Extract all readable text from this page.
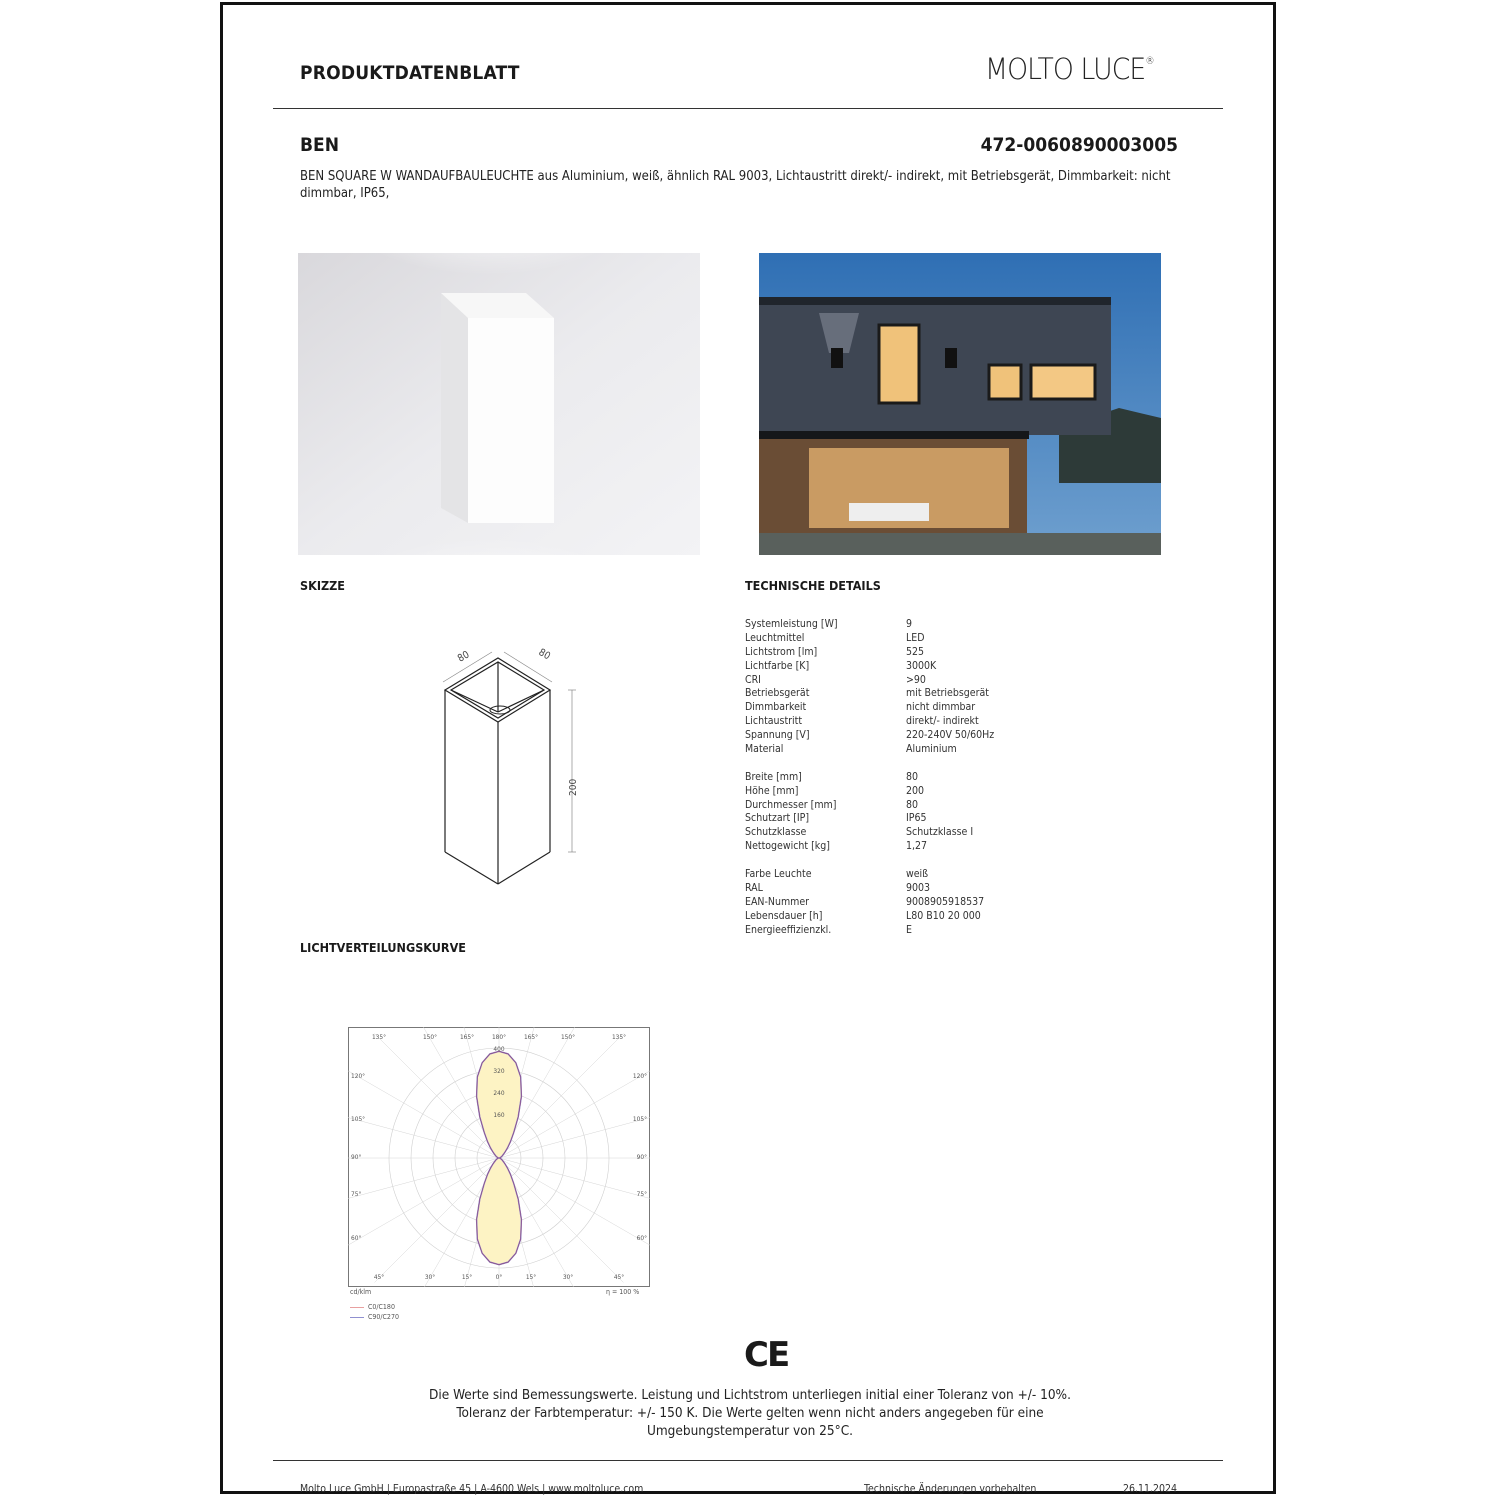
PRODUKTDATENBLATT	MOLTO LUCE®
BEN	472-0060890003005
BEN SQUARE W WANDAUFBAULEUCHTE aus Aluminium, weiß, ähnlich RAL 9003, Lichtaustritt direkt/- indirekt, mit Betriebsgerät, Dimmbarkeit: nicht dimmbar, IP65,
SKIZZE	TECHNISCHE DETAILS
LICHTVERTEILUNGSKURVE
80	80
200
Systemleistung [W]	9
Leuchtmittel	LED
Lichtstrom [lm]	525
Lichtfarbe [K]	3000K
CRI	>90
Betriebsgerät	mit Betriebsgerät
Dimmbarkeit	nicht dimmbar
Lichtaustritt	direkt/- indirekt
Spannung [V]	220-240V 50/60Hz
Material	Aluminium
Breite [mm]	80
Höhe [mm]	200
Durchmesser [mm]	80
Schutzart [IP]	IP65
Schutzklasse	Schutzklasse I
Nettogewicht [kg]	1,27
Farbe Leuchte	weiß
RAL	9003
EAN-Nummer	9008905918537
Lebensdauer [h]	L80 B10 20 000
Energieeffizienzkl.	E
135°	150°	165°	180°	165°	150°	135°
45°	30°	15°	0°	15°	30°	45°
120°
105°
90°
75°
60°
120°
105°
90°
75°
60°
400
320
240
160
cd/klm	η = 100 %
C0/C180
C90/C270
CE
Die Werte sind Bemessungswerte. Leistung und Lichtstrom unterliegen initial einer Toleranz von +/- 10%.
Toleranz der Farbtemperatur: +/- 150 K. Die Werte gelten wenn nicht anders angegeben für eine
Umgebungstemperatur von 25°C.
Molto Luce GmbH | Europastraße 45 | A-4600 Wels | www.moltoluce.com	Technische Änderungen vorbehalten	26.11.2024
